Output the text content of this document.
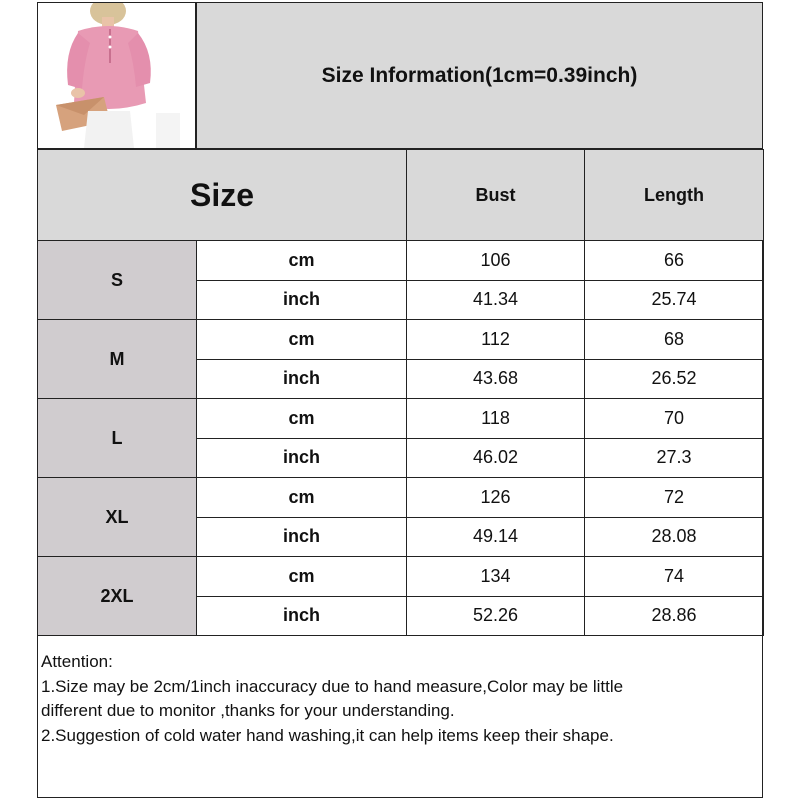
Size Information(1cm=0.39inch)
Size		Bust	Length
S	cm	106	66
	inch	41.34	25.74
M	cm	112	68
	inch	43.68	26.52
L	cm	118	70
	inch	46.02	27.3
XL	cm	126	72
	inch	49.14	28.08
2XL	cm	134	74
	inch	52.26	28.86
Attention:
1.Size may be 2cm/1inch inaccuracy due to hand measure,Color may be little
different due to monitor ,thanks for your understanding.
2.Suggestion of cold water hand washing,it can help items keep their shape.
